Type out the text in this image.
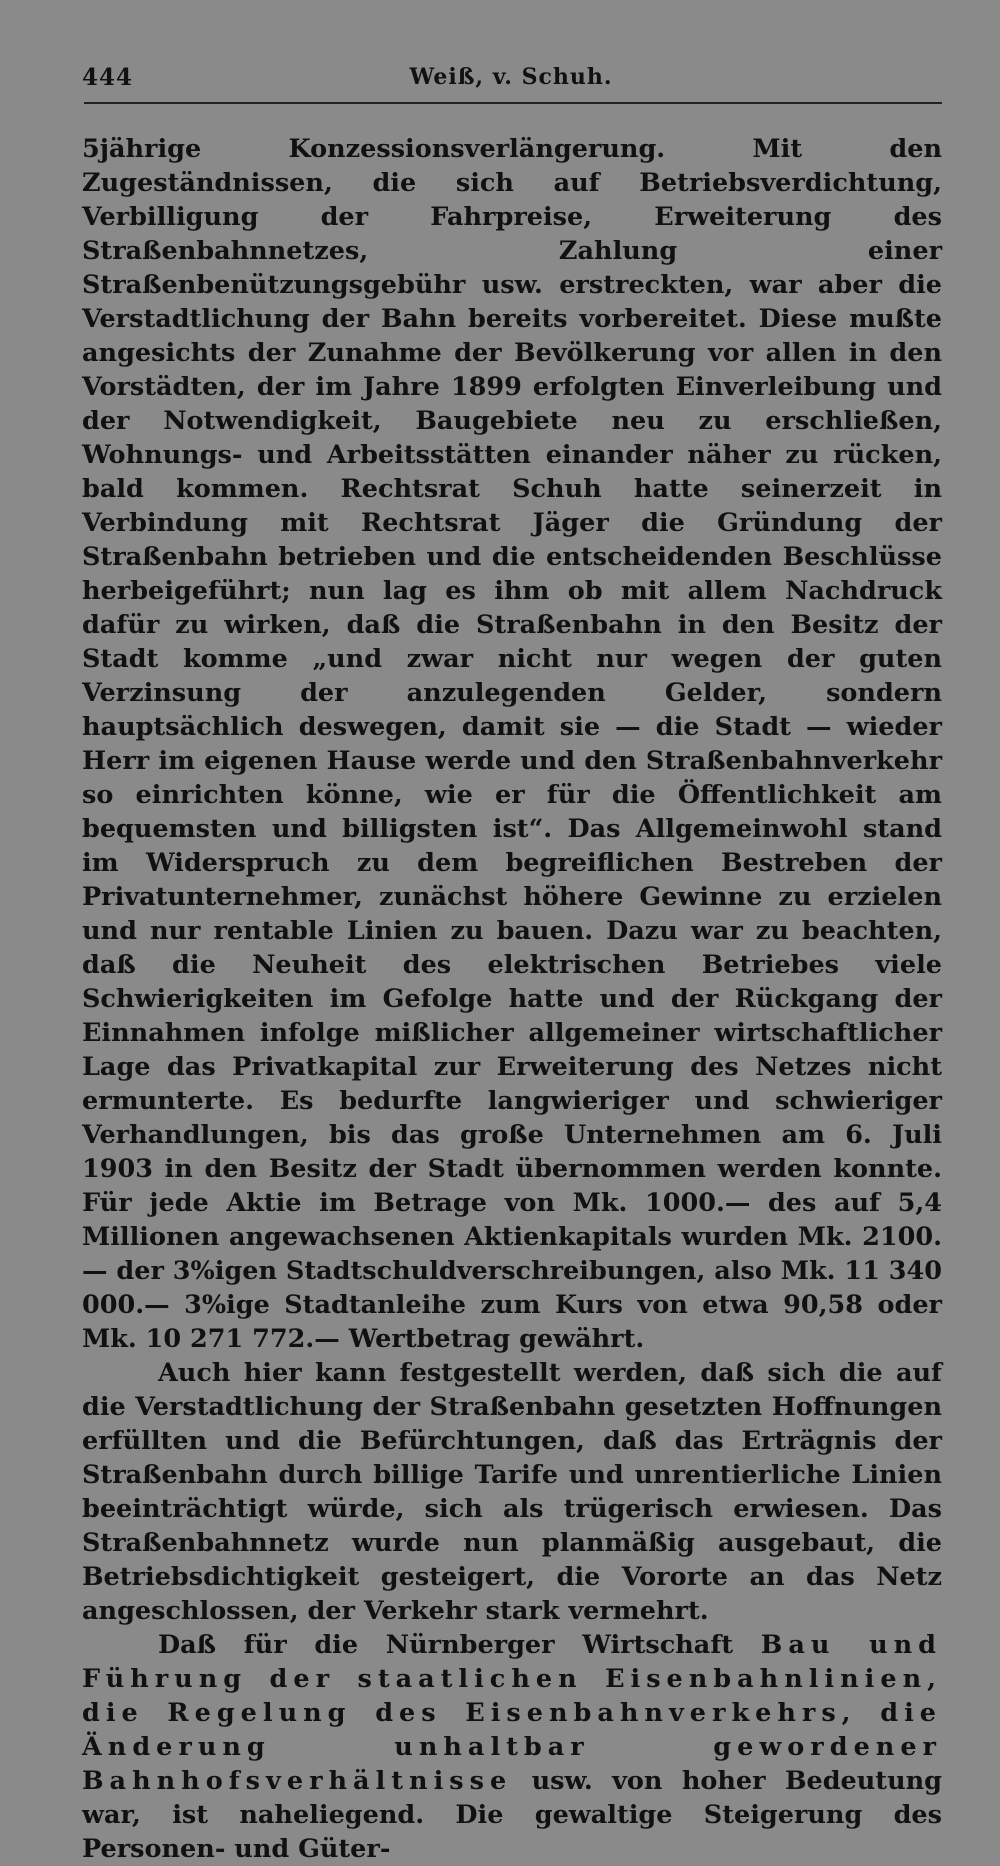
444	Weiß, v. Schuh.

5jährige Konzessionsverlängerung. Mit den Zugeständnissen, die sich auf Betriebsverdichtung, Verbilligung der Fahrpreise, Erweiterung des Straßenbahnnetzes, Zahlung einer Straßenbenützungsgebühr usw. erstreckten, war aber die Verstadtlichung der Bahn bereits vorbereitet. Diese mußte angesichts der Zunahme der Bevölkerung vor allen in den Vorstädten, der im Jahre 1899 erfolgten Einverleibung und der Notwendigkeit, Baugebiete neu zu erschließen, Wohnungs- und Arbeitsstätten einander näher zu rücken, bald kommen. Rechtsrat Schuh hatte seinerzeit in Verbindung mit Rechtsrat Jäger die Gründung der Straßenbahn betrieben und die entscheidenden Beschlüsse herbeigeführt; nun lag es ihm ob mit allem Nachdruck dafür zu wirken, daß die Straßenbahn in den Besitz der Stadt komme „und zwar nicht nur wegen der guten Verzinsung der anzulegenden Gelder, sondern hauptsächlich deswegen, damit sie — die Stadt — wieder Herr im eigenen Hause werde und den Straßenbahnverkehr so einrichten könne, wie er für die Öffentlichkeit am bequemsten und billigsten ist“. Das Allgemeinwohl stand im Widerspruch zu dem begreiflichen Bestreben der Privatunternehmer, zunächst höhere Gewinne zu erzielen und nur rentable Linien zu bauen. Dazu war zu beachten, daß die Neuheit des elektrischen Betriebes viele Schwierigkeiten im Gefolge hatte und der Rückgang der Einnahmen infolge mißlicher allgemeiner wirtschaftlicher Lage das Privatkapital zur Erweiterung des Netzes nicht ermunterte. Es bedurfte langwieriger und schwieriger Verhandlungen, bis das große Unternehmen am 6. Juli 1903 in den Besitz der Stadt übernommen werden konnte. Für jede Aktie im Betrage von Mk. 1000.— des auf 5,4 Millionen angewachsenen Aktienkapitals wurden Mk. 2100.— der 3%igen Stadtschuldverschreibungen, also Mk. 11 340 000.— 3%ige Stadtanleihe zum Kurs von etwa 90,58 oder Mk. 10 271 772.— Wertbetrag gewährt.

Auch hier kann festgestellt werden, daß sich die auf die Verstadtlichung der Straßenbahn gesetzten Hoffnungen erfüllten und die Befürchtungen, daß das Erträgnis der Straßenbahn durch billige Tarife und unrentierliche Linien beeinträchtigt würde, sich als trügerisch erwiesen. Das Straßenbahnnetz wurde nun planmäßig ausgebaut, die Betriebsdichtigkeit gesteigert, die Vororte an das Netz angeschlossen, der Verkehr stark vermehrt.

Daß für die Nürnberger Wirtschaft Bau und Führung der staatlichen Eisenbahnlinien, die Regelung des Eisenbahnverkehrs, die Änderung unhaltbar gewordener Bahnhofsverhältnisse usw. von hoher Bedeutung war, ist naheliegend. Die gewaltige Steigerung des Personen- und Güter-
